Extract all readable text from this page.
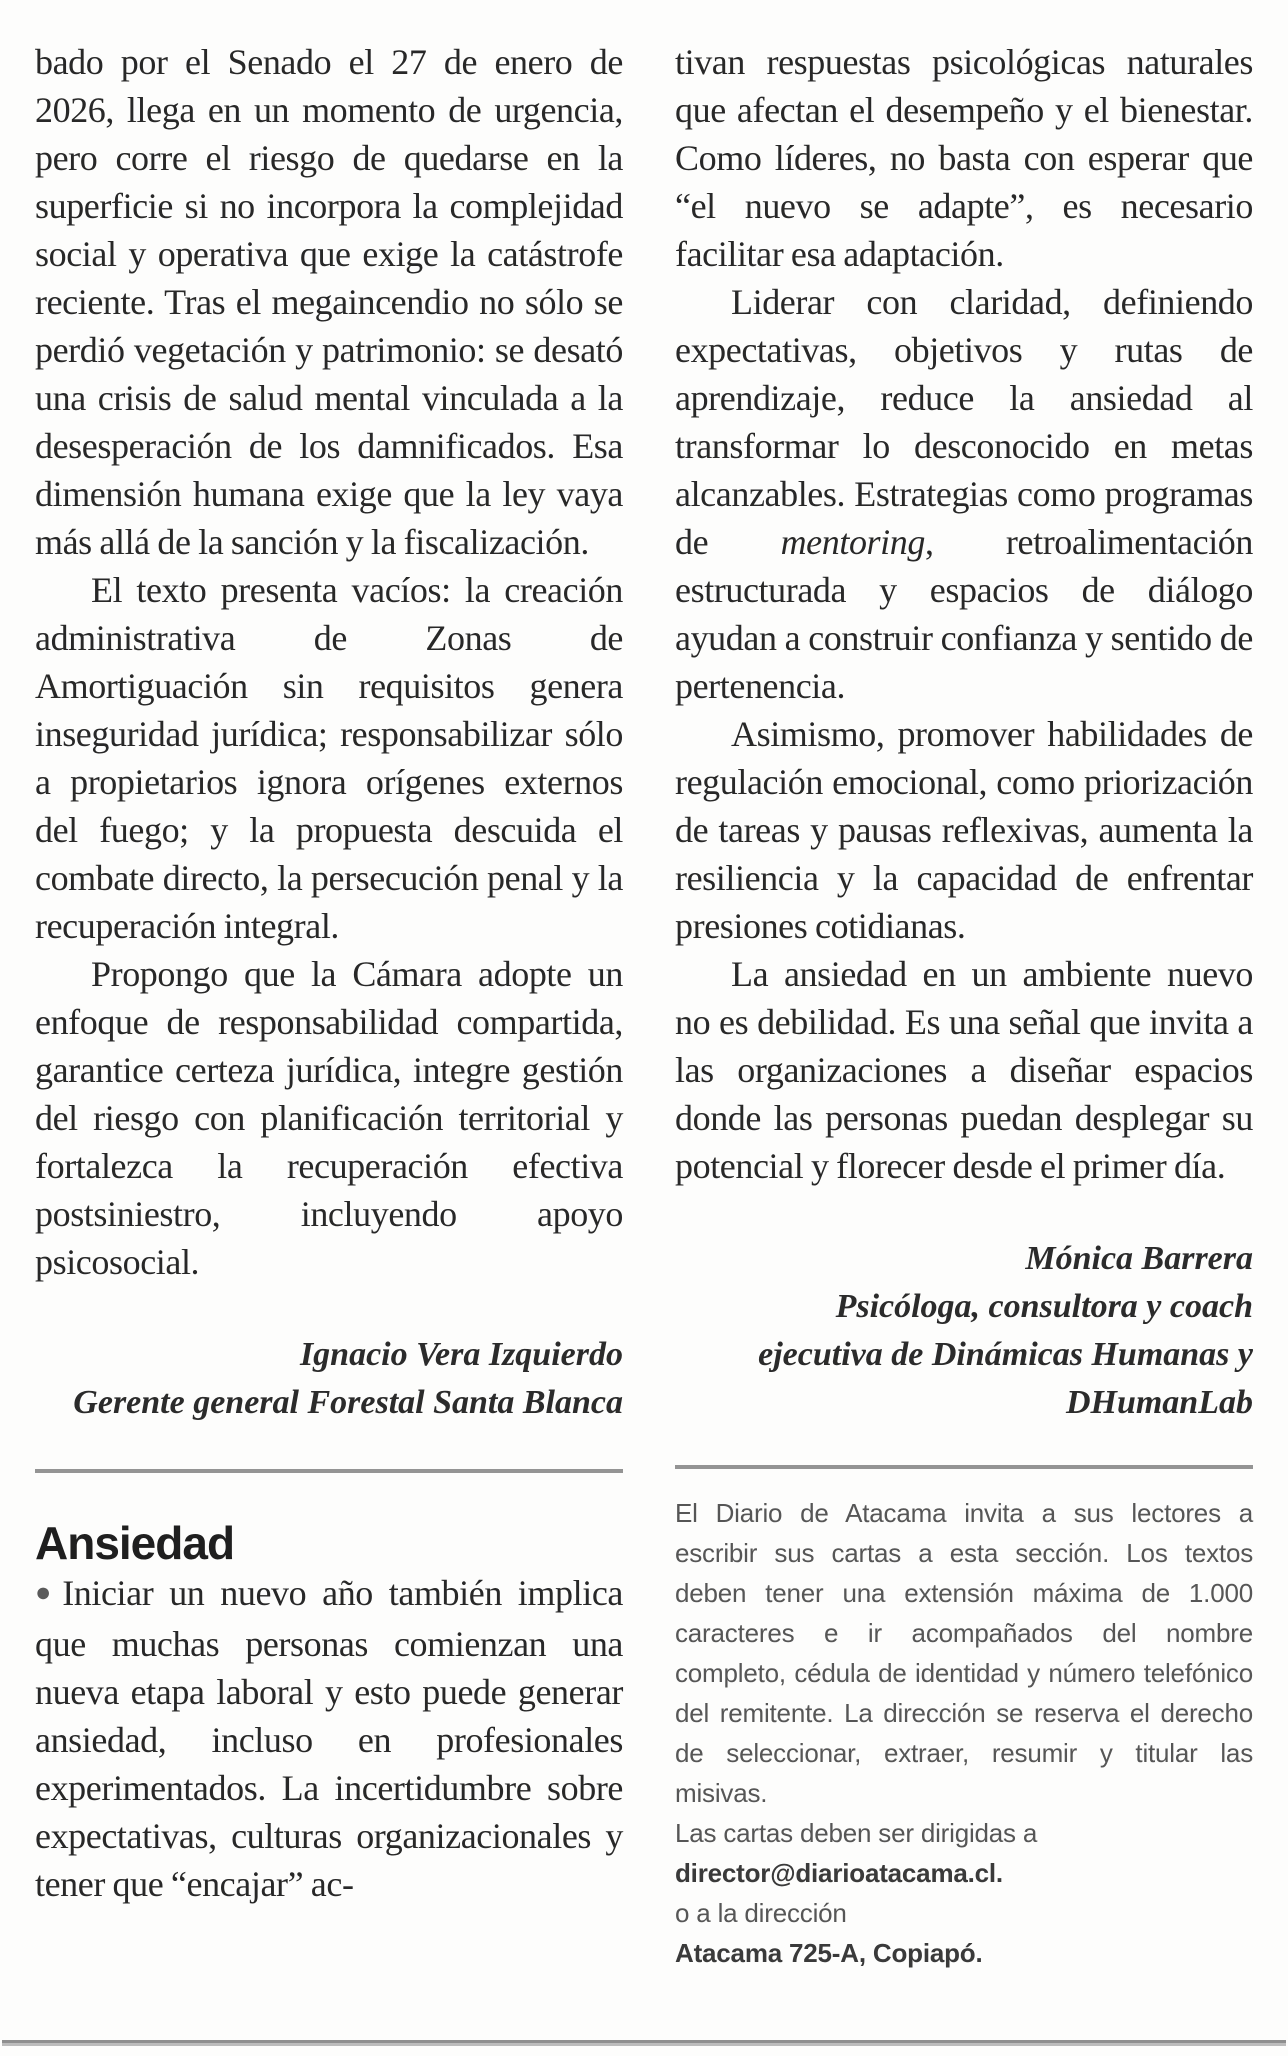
bado por el Senado el 27 de enero de 2026, llega en un momento de urgencia, pero corre el riesgo de quedarse en la superficie si no incorpora la complejidad social y operativa que exige la catástrofe reciente. Tras el megaincendio no sólo se perdió vegetación y patrimonio: se desató una crisis de salud mental vinculada a la desesperación de los damnificados. Esa dimensión humana exige que la ley vaya más allá de la sanción y la fiscalización.

El texto presenta vacíos: la creación administrativa de Zonas de Amortiguación sin requisitos genera inseguridad jurídica; responsabilizar sólo a propietarios ignora orígenes externos del fuego; y la propuesta descuida el combate directo, la persecución penal y la recuperación integral.

Propongo que la Cámara adopte un enfoque de responsabilidad compartida, garantice certeza jurídica, integre gestión del riesgo con planificación territorial y fortalezca la recuperación efectiva postsiniestro, incluyendo apoyo psicosocial.

Ignacio Vera Izquierdo
Gerente general Forestal Santa Blanca
Ansiedad

●Iniciar un nuevo año también implica que muchas personas comienzan una nueva etapa laboral y esto puede generar ansiedad, incluso en profesionales experimentados. La incertidumbre sobre expectativas, culturas organizacionales y tener que “encajar” ac-

tivan respuestas psicológicas naturales que afectan el desempeño y el bienestar. Como líderes, no basta con esperar que “el nuevo se adapte”, es necesario facilitar esa adaptación.

Liderar con claridad, definiendo expectativas, objetivos y rutas de aprendizaje, reduce la ansiedad al transformar lo desconocido en metas alcanzables. Estrategias como programas de mentoring, retroalimentación estructurada y espacios de diálogo ayudan a construir confianza y sentido de pertenencia.

Asimismo, promover habilidades de regulación emocional, como priorización de tareas y pausas reflexivas, aumenta la resiliencia y la capacidad de enfrentar presiones cotidianas.

La ansiedad en un ambiente nuevo no es debilidad. Es una señal que invita a las organizaciones a diseñar espacios donde las personas puedan desplegar su potencial y florecer desde el primer día.

Mónica Barrera
Psicóloga, consultora y coach
ejecutiva de Dinámicas Humanas y
DHumanLab

El Diario de Atacama invita a sus lectores a escribir sus cartas a esta sección. Los textos deben tener una extensión máxima de 1.000 caracteres e ir acompañados del nombre completo, cédula de identidad y número telefónico del remitente. La dirección se reserva el derecho de seleccionar, extraer, resumir y titular las misivas.

Las cartas deben ser dirigidas a

director@diarioatacama.cl.

o a la dirección

Atacama 725-A, Copiapó.
